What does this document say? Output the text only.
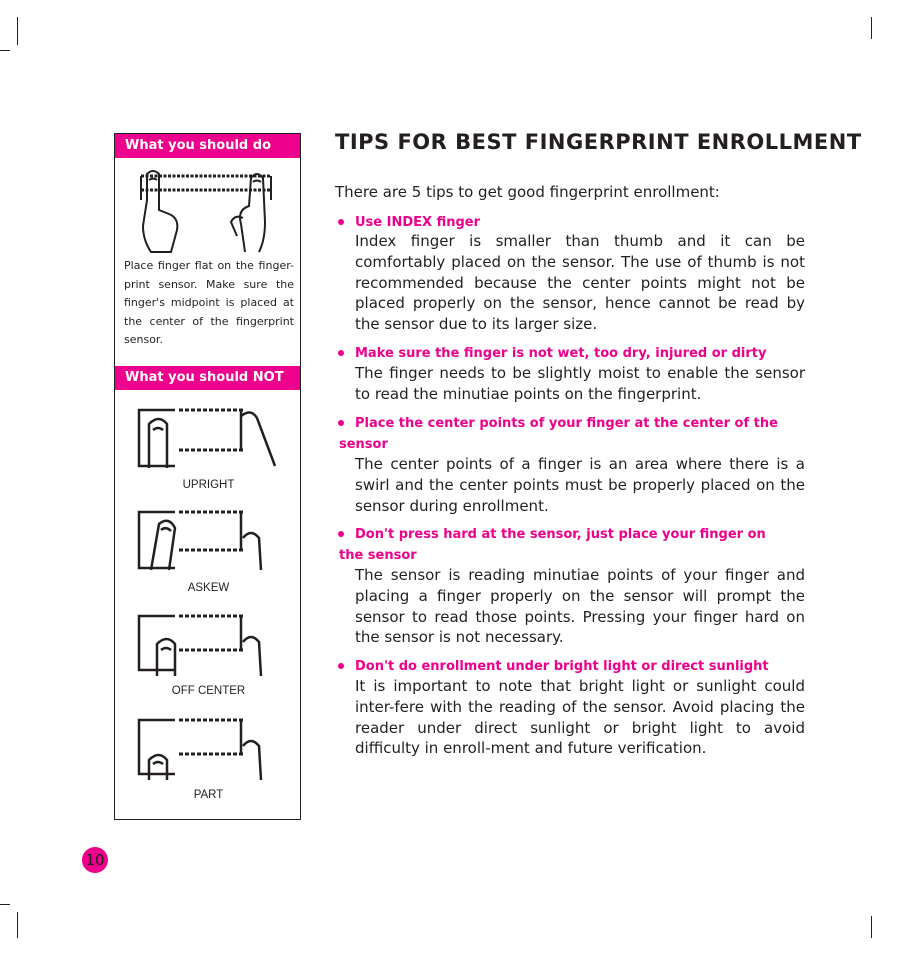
What you should do
Place finger flat on the finger-print sensor. Make sure the finger's midpoint is placed at the center of the fingerprint sensor.
What you should NOT do
UPRIGHT
ASKEW
OFF CENTER
PART
TIPS FOR BEST FINGERPRINT ENROLLMENT
There are 5 tips to get good fingerprint enrollment:
Use INDEX finger
Index finger is smaller than thumb and it can be comfortably placed on the sensor. The use of thumb is not recommended because the center points might not be placed properly on the sensor, hence cannot be read by the sensor due to its larger size.
Make sure the finger is not wet, too dry, injured or dirty
The finger needs to be slightly moist to enable the sensor to read the minutiae points on the fingerprint.
Place the center points of your finger at the center of the sensor
The center points of a finger is an area where there is a swirl and the center points must be properly placed on the sensor during enrollment.
Don't press hard at the sensor, just place your finger on the sensor
The sensor is reading minutiae points of your finger and placing a finger properly on the sensor will prompt the sensor to read those points. Pressing your finger hard on the sensor is not necessary.
Don't do enrollment under bright light or direct sunlight
It is important to note that bright light or sunlight could inter-fere with the reading of the sensor. Avoid placing the reader under direct sunlight or bright light to avoid difficulty in enroll-ment and future verification.
10
